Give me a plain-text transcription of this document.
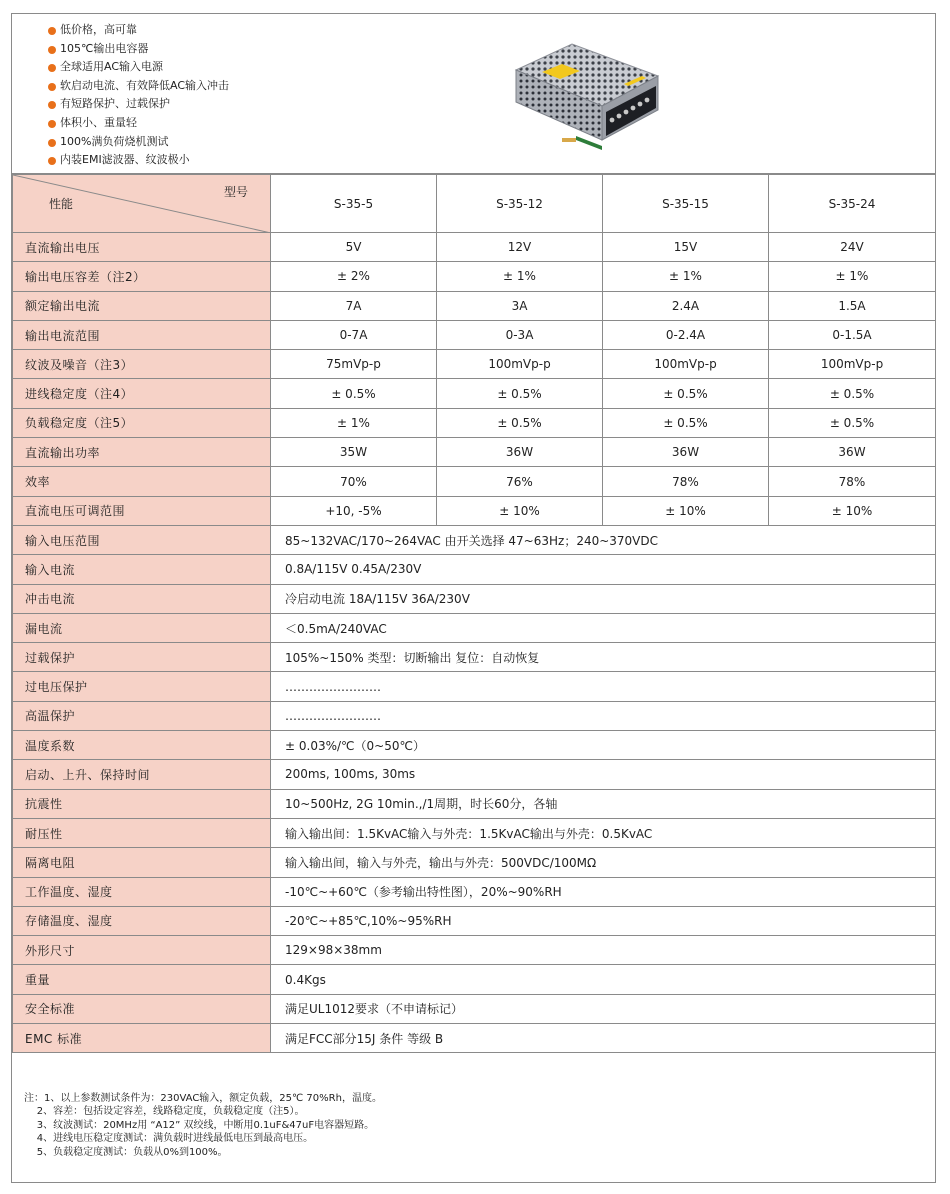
低价格，高可靠
105℃输出电容器
全球适用AC输入电源
软启动电流、有效降低AC输入冲击
有短路保护、过载保护
体积小、重量轻
100%满负荷烧机测试
内装EMI滤波器、纹波极小
型号
性能	S-35-5	S-35-12	S-35-15	S-35-24
直流输出电压	5V	12V	15V	24V
输出电压容差（注2）	± 2%	± 1%	± 1%	± 1%
额定输出电流	7A	3A	2.4A	1.5A
输出电流范围	0-7A	0-3A	0-2.4A	0-1.5A
纹波及噪音（注3）	75mVp-p	100mVp-p	100mVp-p	100mVp-p
进线稳定度（注4）	± 0.5%	± 0.5%	± 0.5%	± 0.5%
负载稳定度（注5）	± 1%	± 0.5%	± 0.5%	± 0.5%
直流输出功率	35W	36W	36W	36W
效率	70%	76%	78%	78%
直流电压可调范围	+10, -5%	± 10%	± 10%	± 10%
输入电压范围	85~132VAC/170~264VAC 由开关选择 47~63Hz；240~370VDC			
输入电流	0.8A/115V 0.45A/230V			
冲击电流	冷启动电流 18A/115V 36A/230V			
漏电流	＜0.5mA/240VAC			
过载保护	105%~150% 类型：切断输出 复位：自动恢复			
过电压保护	……………………			
高温保护	……………………			
温度系数	± 0.03%/℃（0~50℃）			
启动、上升、保持时间	200ms, 100ms, 30ms			
抗震性	10~500Hz, 2G 10min.,/1周期，时长60分，各轴			
耐压性	输入输出间：1.5KvAC输入与外壳：1.5KvAC输出与外壳：0.5KvAC			
隔离电阻	输入输出间，输入与外壳，输出与外壳：500VDC/100MΩ			
工作温度、湿度	-10℃~+60℃（参考输出特性图），20%~90%RH			
存储温度、湿度	-20℃~+85℃,10%~95%RH			
外形尺寸	129×98×38mm			
重量	0.4Kgs			
安全标准	满足UL1012要求（不申请标记）			
EMC 标准	满足FCC部分15J 条件 等级 B			
注：1、以上参数测试条件为：230VAC输入，额定负载，25℃ 70%Rh，温度。
2、容差：包括设定容差，线路稳定度，负载稳定度（注5）。
3、纹波测试：20MHz用 “A12” 双绞线，中断用0.1uF&47uF电容器短路。
4、进线电压稳定度测试：满负载时进线最低电压到最高电压。
5、负载稳定度测试：负载从0%到100%。
